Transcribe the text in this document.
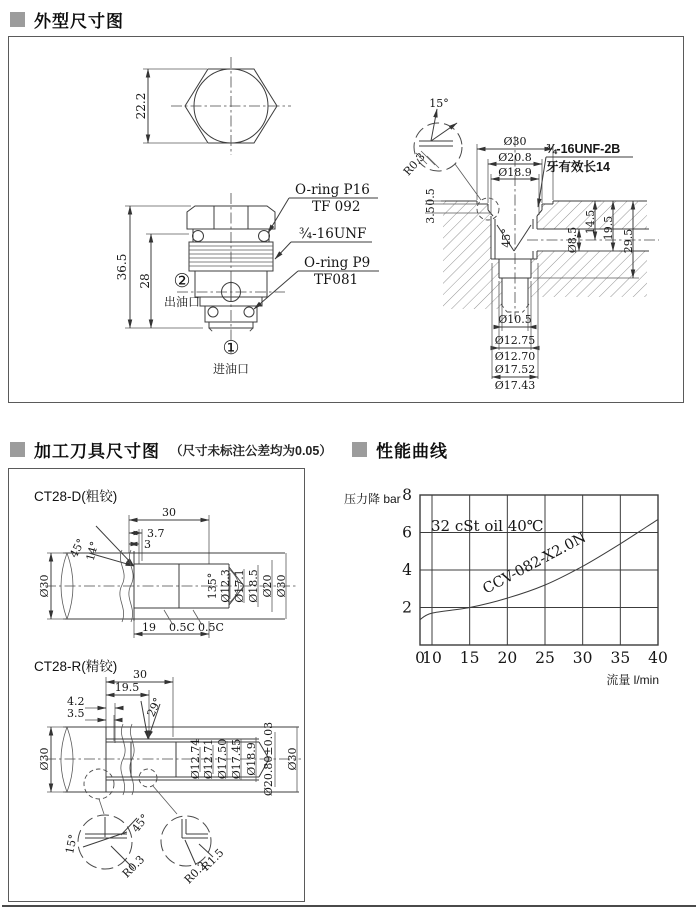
外型尺寸图
22.2
36.5
28 ②
出油口
①
进油口
O-ring P16
TF 092
¾-16UNF
O-ring P9
TF081
15°
R0.3
45°
Ø30
Ø20.8
Ø18.9
¾-16UNF-2B
牙有效长14
0.5
3.5
Ø8.5
14.5 19.5
29.5
Ø10.5
Ø12.75
Ø12.70
Ø17.52
Ø17.43
加工刀具尺寸图 （尺寸未标注公差均为0.05）	性能曲线
CT28-D(粗铰)
30
3.7
3
45°
14°
Ø30	135° Ø12.3 Ø17.1 Ø18.5 Ø20 Ø30
19 0.5C 0.5C
CT28-R(精铰)
30
19.5
4.2
3.5	29°
Ø30	Ø12.74 Ø12.71 Ø17.50 Ø17.45 Ø18.9 Ø20.80±0.03 Ø30
45°
15°
R0.3	R1.5
R0.2
0
10 15 20 25 30 35 40
2
4
6
8
压力降 bar
流量 l/min
32 cSt oil 40℃
CCV-082-X2.0N
